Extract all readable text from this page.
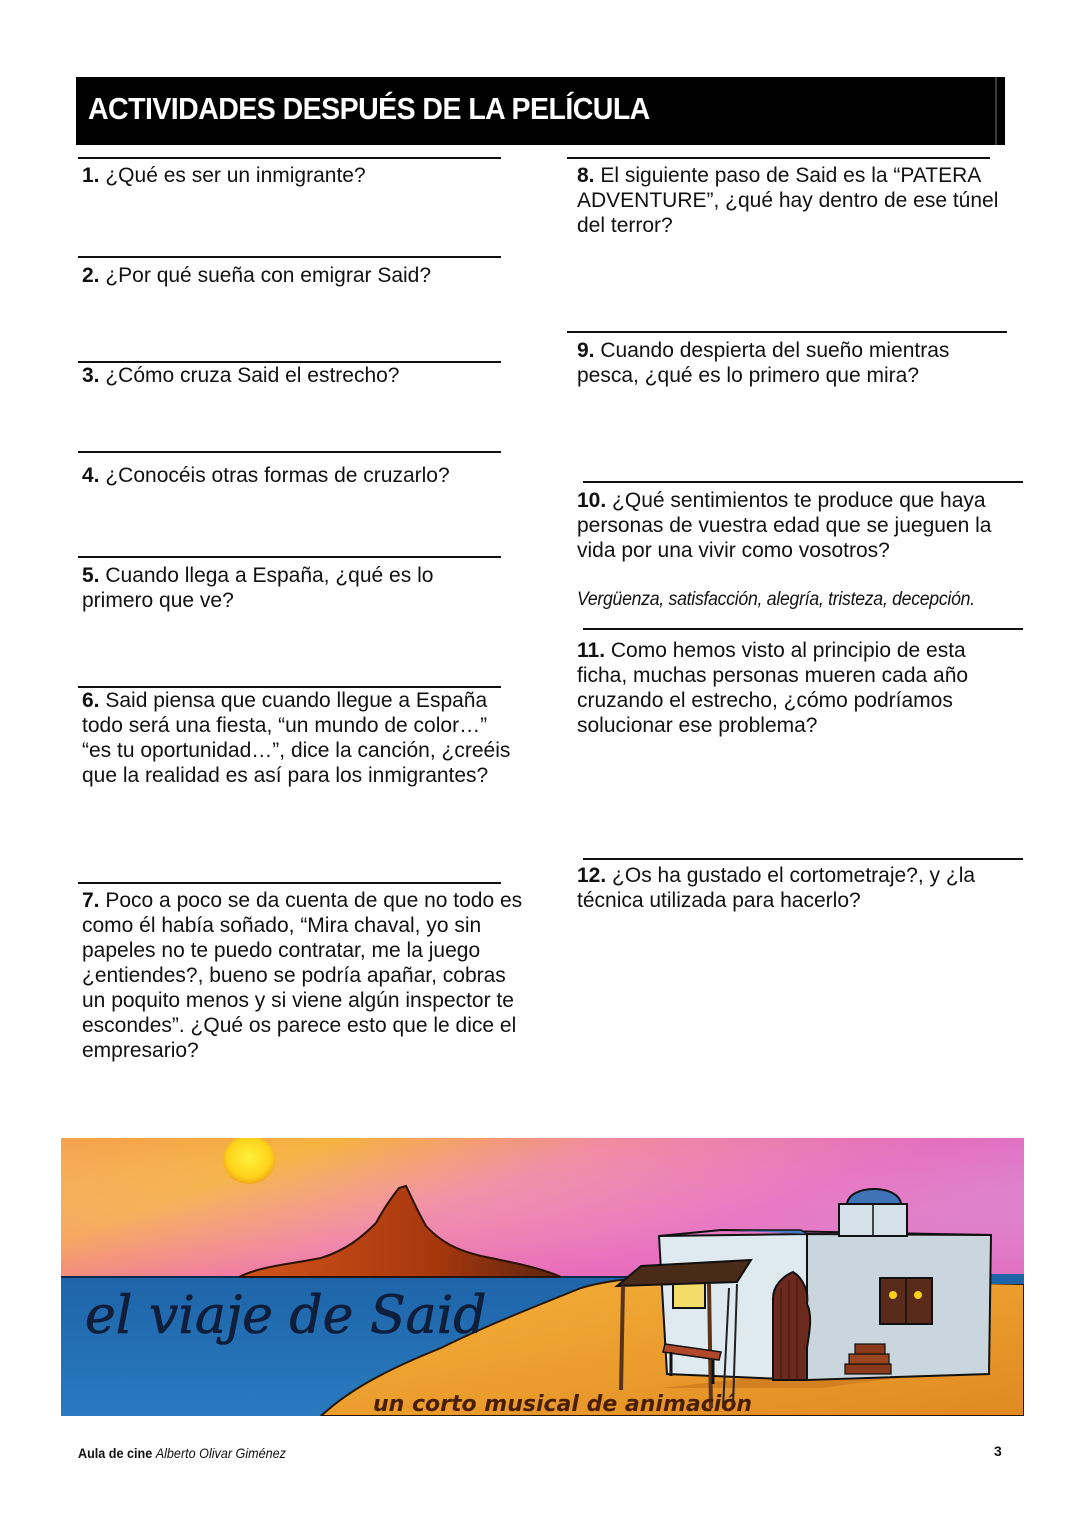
ACTIVIDADES DESPUÉS DE LA PELÍCULA
1. ¿Qué es ser un inmigrante?
2. ¿Por qué sueña con emigrar Said?
3. ¿Cómo cruza Said el estrecho?
4. ¿Conocéis otras formas de cruzarlo?
5. Cuando llega a España, ¿qué es lo primero que ve?
6. Said piensa que cuando llegue a España todo será una fiesta, “un mundo de color…” “es tu oportunidad…”, dice la canción, ¿creéis que la realidad es así para los inmigrantes?
7. Poco a poco se da cuenta de que no todo es como él había soñado, “Mira chaval, yo sin papeles no te puedo contratar, me la juego ¿entiendes?, bueno se podría apañar, cobras un poquito menos y si viene algún inspector te escondes”. ¿Qué os parece esto que le dice el empresario?
8. El siguiente paso de Said es la “PATERA ADVENTURE”, ¿qué hay dentro de ese túnel del terror?
9. Cuando despierta del sueño mientras pesca, ¿qué es lo primero que mira?
10. ¿Qué sentimientos te produce que haya personas de vuestra edad que se jueguen la vida por una vivir como vosotros?
Vergüenza, satisfacción, alegría, tristeza, decepción.
11. Como hemos visto al principio de esta ficha, muchas personas mueren cada año cruzando el estrecho, ¿cómo podríamos solucionar ese problema?
12. ¿Os ha gustado el cortometraje?, y ¿la técnica utilizada para hacerlo?
el viaje de Said
un corto musical de animación
Aula de cine Alberto Olivar Giménez	3
